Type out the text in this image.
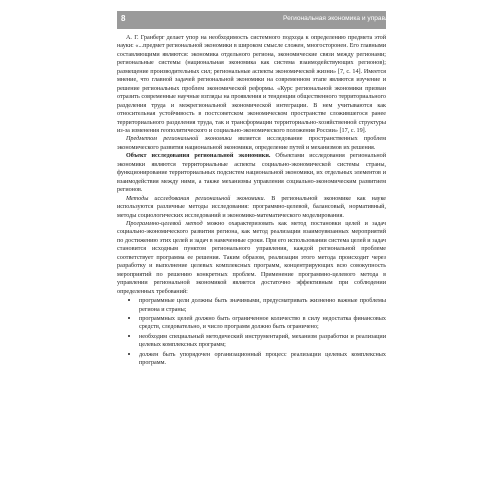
8	Региональная экономика и управление

А. Г. Гранберг делает упор на необходимость системного подхода к определению предмета этой науки: «...предмет региональной экономики в широком смысле сложен, многосторонен. Его главными составляющими являются: экономика отдельного региона, экономические связи между регионами; региональные системы (национальная экономика как система взаимодействующих регионов); размещение производительных сил; региональные аспекты экономической жизни» [7, с. 14]. Имеется мнение, что главной задачей региональной экономики на современном этапе являются изучение и решение региональных проблем экономической реформы. «Курс региональной экономики призван отразить современные научные взгляды на проявления и тенденции общественного территориального разделения труда и межрегиональной экономической интеграции. В нем учитываются как относительная устойчивость в постсоветском экономическом пространстве сложившегося ранее территориального разделения труда, так и трансформации территориально-хозяйственной структуры из-за изменения геополитического и социально-экономического положения России» [17, с. 19].

Предметом региональной экономики является исследование пространственных проблем экономического развития национальной экономики, определение путей и механизмов их решения.

Объект исследования региональной экономики. Объектами исследования региональной экономики являются территориальные аспекты социально-экономической системы страны, функционирование территориальных подсистем национальной экономики, их отдельных элементов и взаимодействия между ними, а также механизмы управления социально-экономическим развитием регионов.

Методы исследования региональной экономики. В региональной экономике как науке используются различные методы исследования: программно-целевой, балансовый, нормативный, методы социологических исследований и экономико-математического моделирования.

Программно-целевой метод можно охарактеризовать как метод постановки целей и задач социально-экономического развития региона, как метод реализации взаимоувязанных мероприятий по достижению этих целей и задач в намеченные сроки. При его использовании система целей и задач становится исходным пунктом регионального управления, каждой региональной проблеме соответствует программа ее решения. Таким образом, реализация этого метода происходит через разработку и выполнение целевых комплексных программ, концентрирующих всю совокупность мероприятий по решению конкретных проблем. Применение программно-целевого метода в управлении региональной экономикой является достаточно эффективным при соблюдении определенных требований:

• программные цели должны быть значимыми, предусматривать жизненно важные проблемы региона и страны;
• программных целей должно быть ограниченное количество в силу недостатка финансовых средств, следовательно, и число программ должно быть ограничено;
• необходим специальный методический инструментарий, механизм разработки и реализации целевых комплексных программ;
• должен быть упорядочен организационный процесс реализации целевых комплексных программ.
